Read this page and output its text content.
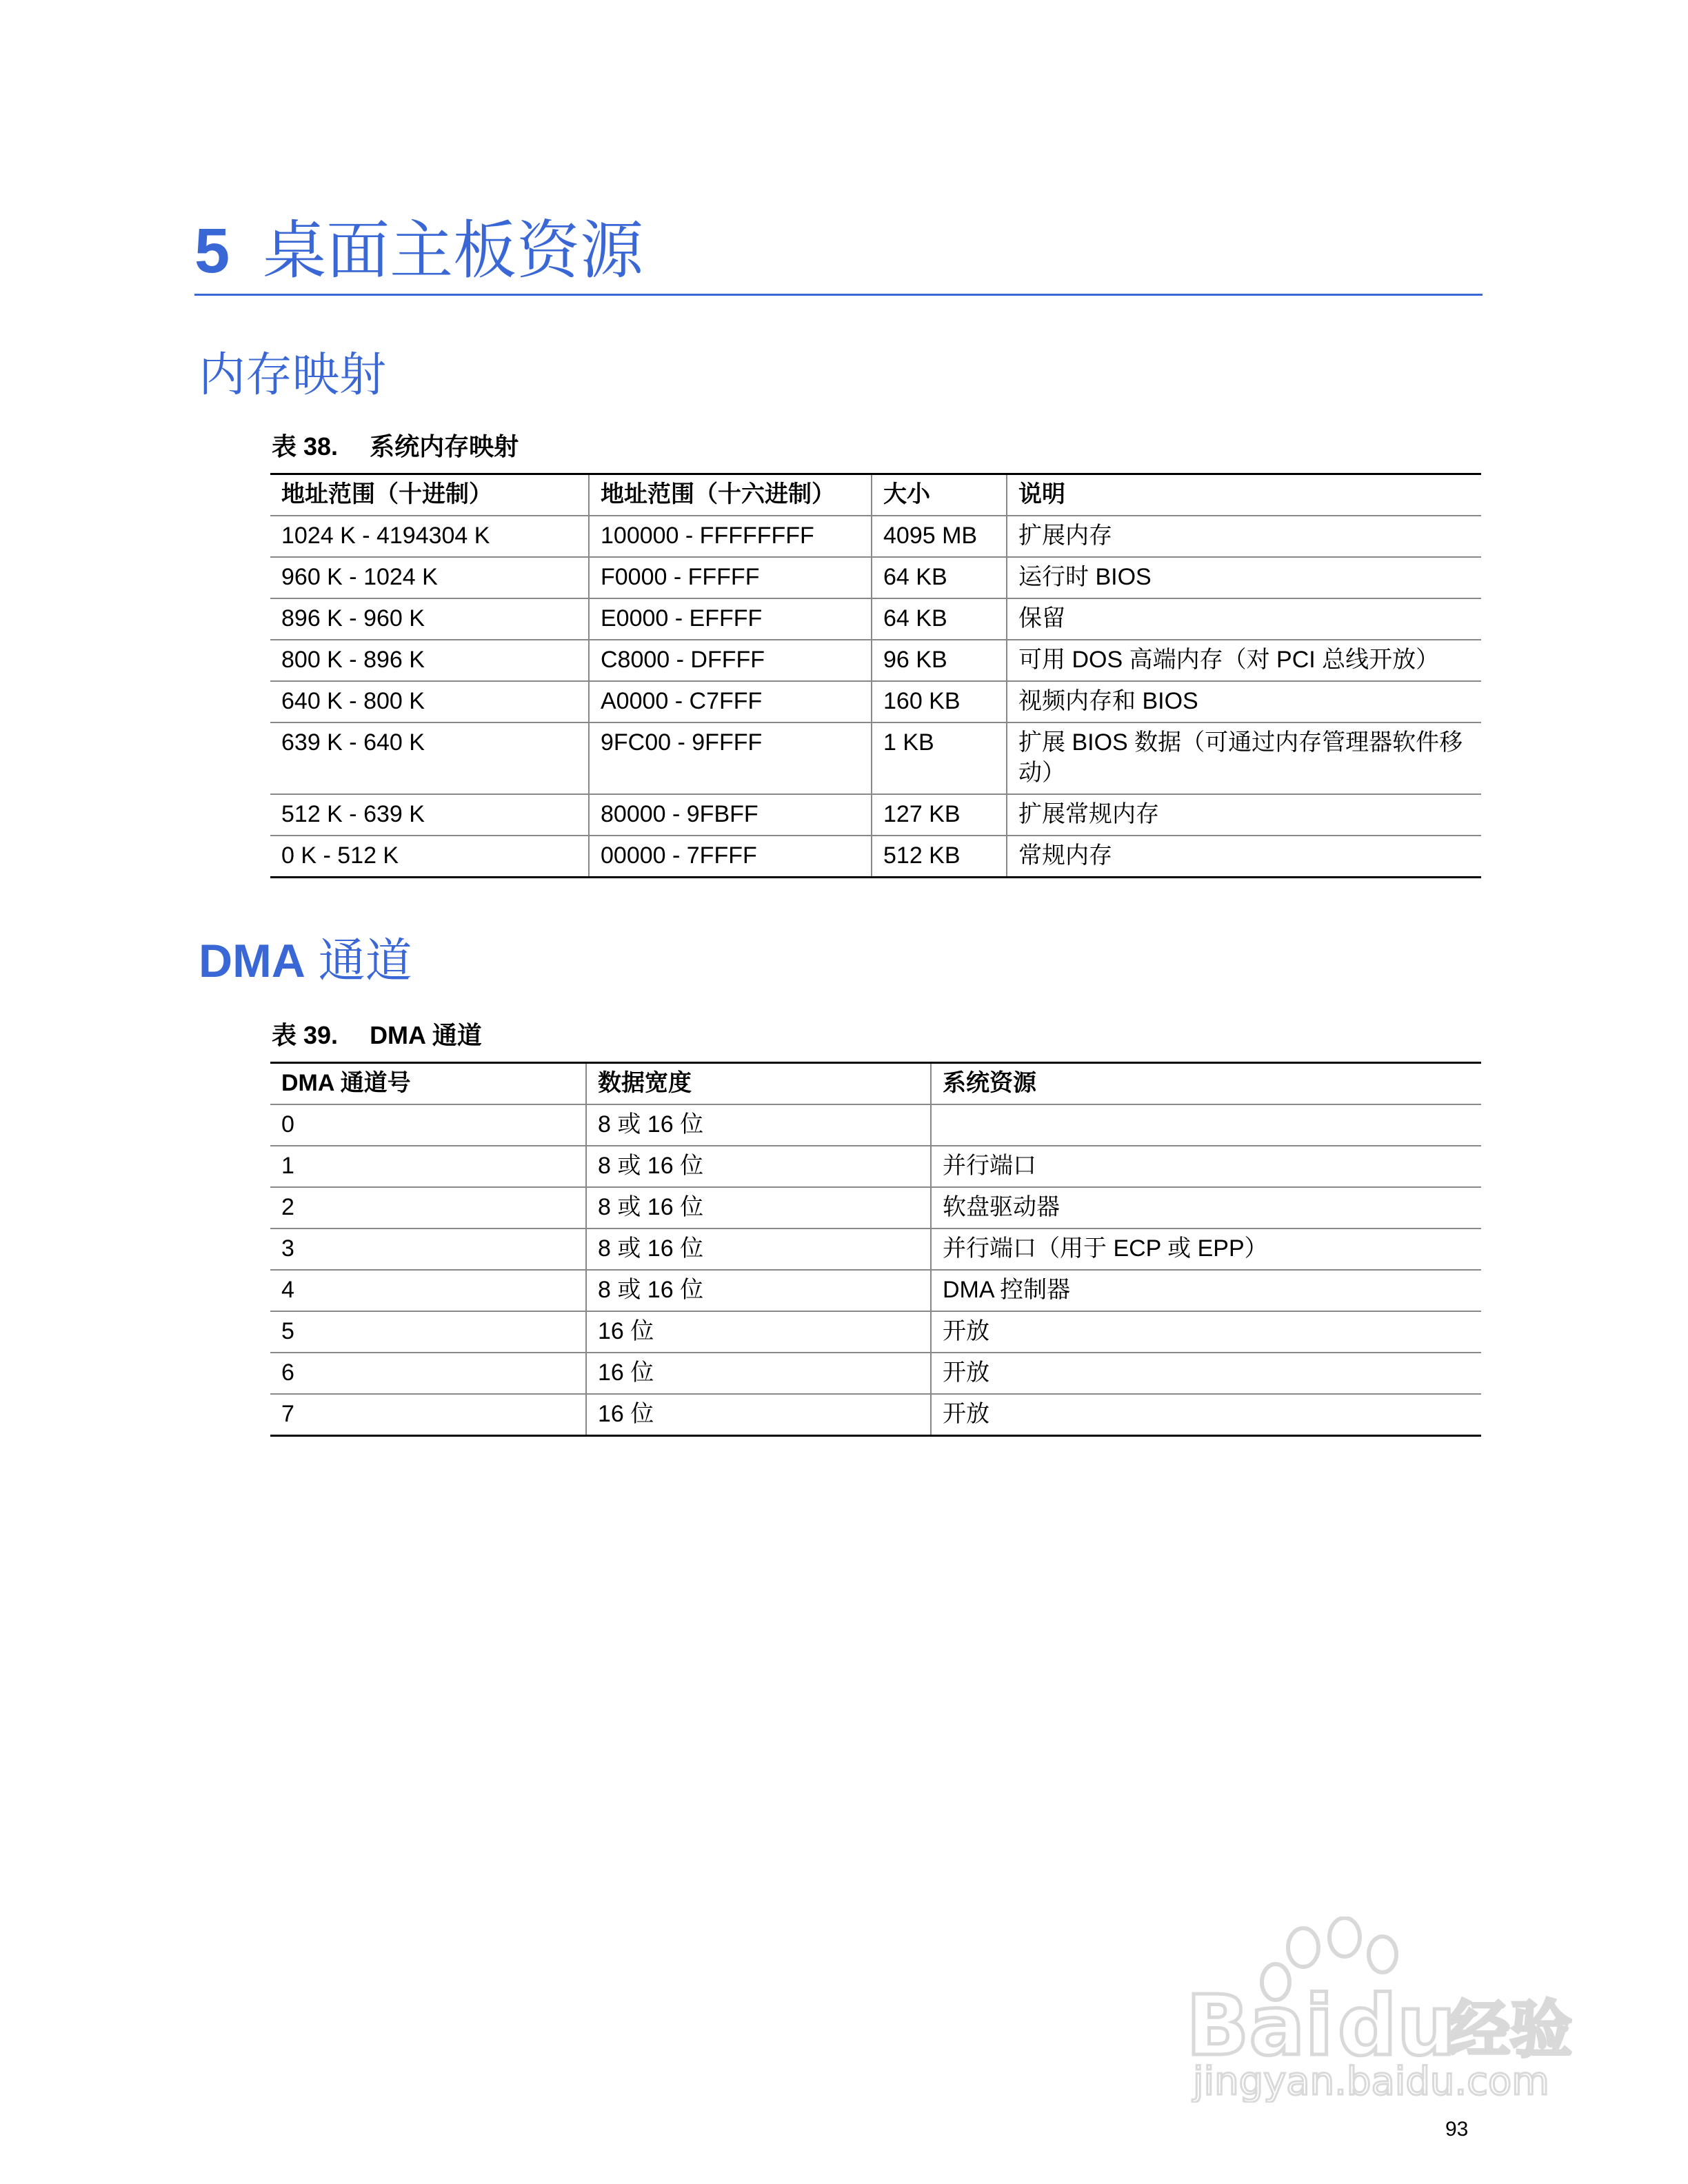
5 桌面主板资源
内存映射
表 38. 系统内存映射
地址范围（十进制）	地址范围（十六进制）	大小	说明
1024 K - 4194304 K	100000 - FFFFFFFF	4095 MB	扩展内存
960 K - 1024 K	F0000 - FFFFF	64 KB	运行时 BIOS
896 K - 960 K	E0000 - EFFFF	64 KB	保留
800 K - 896 K	C8000 - DFFFF	96 KB	可用 DOS 高端内存（对 PCI 总线开放）
640 K - 800 K	A0000 - C7FFF	160 KB	视频内存和 BIOS
639 K - 640 K	9FC00 - 9FFFF	1 KB	扩展 BIOS 数据（可通过内存管理器软件移动）
512 K - 639 K	80000 - 9FBFF	127 KB	扩展常规内存
0 K - 512 K	00000 - 7FFFF	512 KB	常规内存
DMA 通道
表 39. DMA 通道
DMA 通道号	数据宽度	系统资源
0	8 或 16 位	
1	8 或 16 位	并行端口
2	8 或 16 位	软盘驱动器
3	8 或 16 位	并行端口（用于 ECP 或 EPP）
4	8 或 16 位	DMA 控制器
5	16 位	开放
6	16 位	开放
7	16 位	开放
Bai du
经验
jingyan.baidu.com
93
